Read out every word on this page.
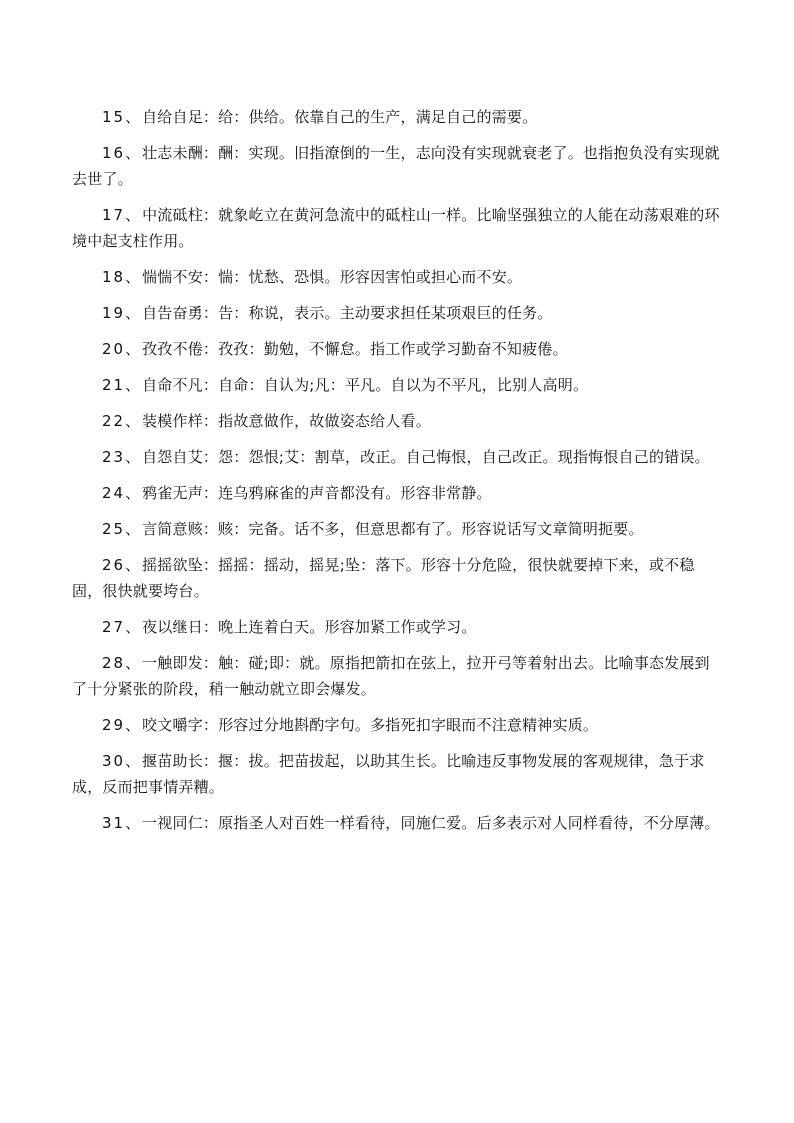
15、自给自足：给：供给。依靠自己的生产，满足自己的需要。

16、壮志未酬：酬：实现。旧指潦倒的一生，志向没有实现就衰老了。也指抱负没有实现就去世了。

17、中流砥柱：就象屹立在黄河急流中的砥柱山一样。比喻坚强独立的人能在动荡艰难的环境中起支柱作用。

18、惴惴不安：惴：忧愁、恐惧。形容因害怕或担心而不安。

19、自告奋勇：告：称说，表示。主动要求担任某项艰巨的任务。

20、孜孜不倦：孜孜：勤勉，不懈怠。指工作或学习勤奋不知疲倦。

21、自命不凡：自命：自认为;凡：平凡。自以为不平凡，比别人高明。

22、装模作样：指故意做作，故做姿态给人看。

23、自怨自艾：怨：怨恨;艾：割草，改正。自己悔恨，自己改正。现指悔恨自己的错误。

24、鸦雀无声：连乌鸦麻雀的声音都没有。形容非常静。

25、言简意赅：赅：完备。话不多，但意思都有了。形容说话写文章简明扼要。

26、摇摇欲坠：摇摇：摇动，摇晃;坠：落下。形容十分危险，很快就要掉下来，或不稳固，很快就要垮台。

27、夜以继日：晚上连着白天。形容加紧工作或学习。

28、一触即发：触：碰;即：就。原指把箭扣在弦上，拉开弓等着射出去。比喻事态发展到了十分紧张的阶段，稍一触动就立即会爆发。

29、咬文嚼字：形容过分地斟酌字句。多指死扣字眼而不注意精神实质。

30、揠苗助长：揠：拔。把苗拔起，以助其生长。比喻违反事物发展的客观规律，急于求成，反而把事情弄糟。

31、一视同仁：原指圣人对百姓一样看待，同施仁爱。后多表示对人同样看待，不分厚薄。
